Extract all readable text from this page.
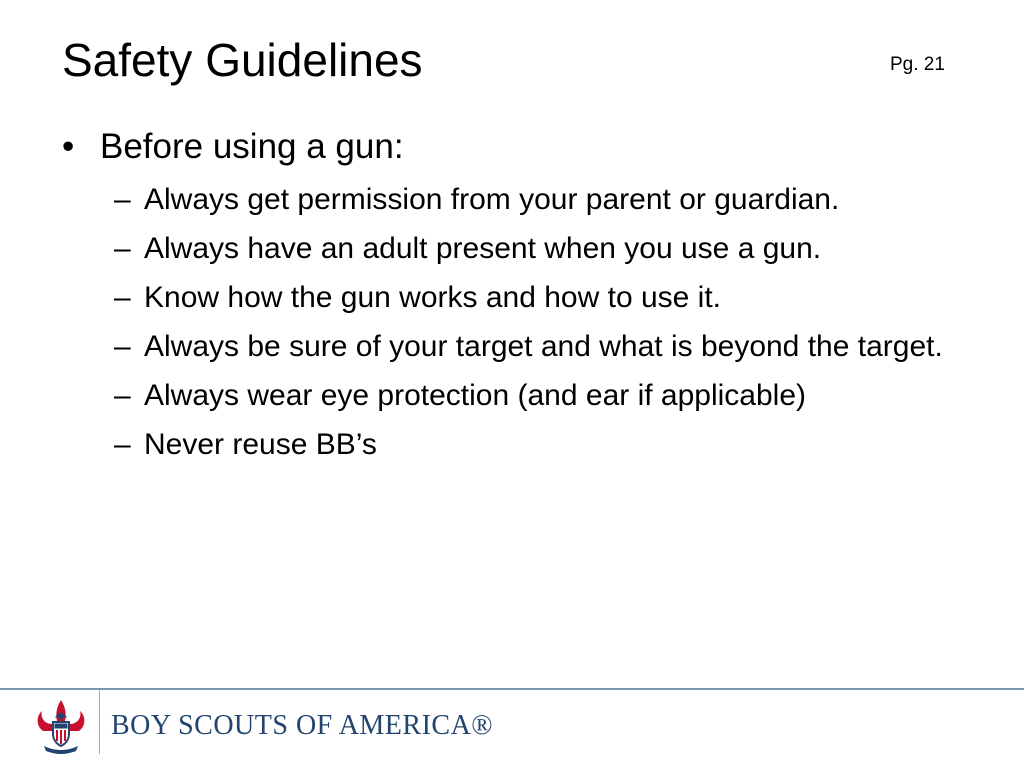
Safety Guidelines	Pg. 21
• Before using a gun:
– Always get permission from your parent or guardian.
– Always have an adult present when you use a gun.
– Know how the gun works and how to use it.
– Always be sure of your target and what is beyond the target.
– Always wear eye protection (and ear if applicable)
– Never reuse BB’s
BOY SCOUTS OF AMERICA®
